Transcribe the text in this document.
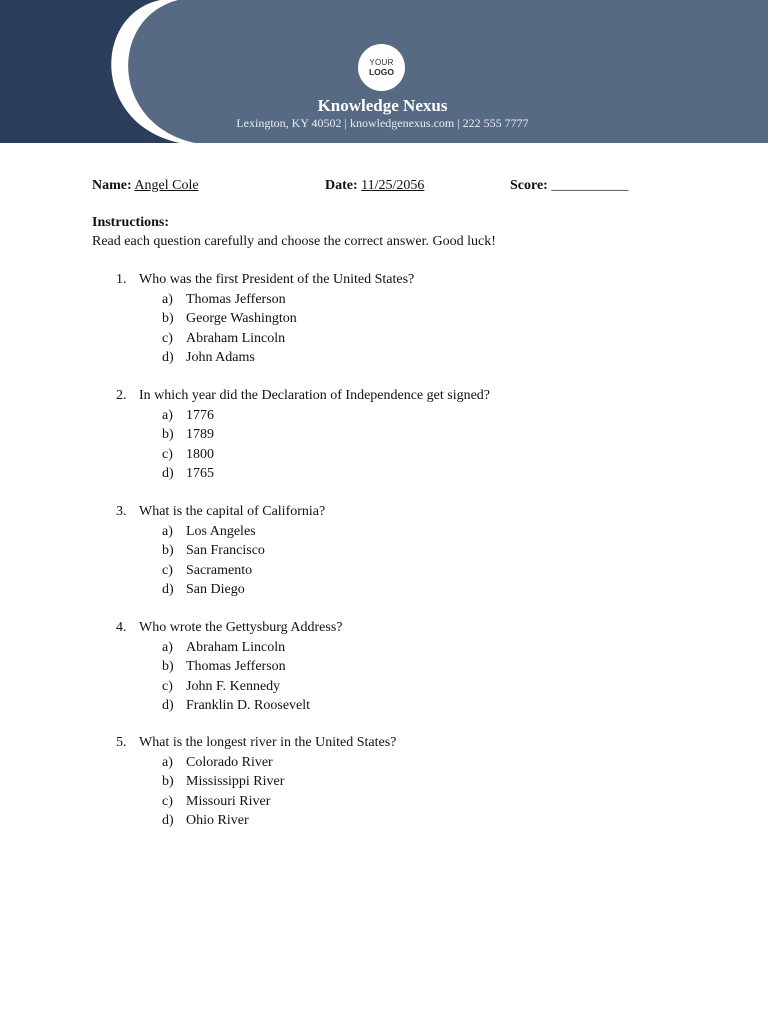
YOUR
LOGO
Knowledge Nexus
Lexington, KY 40502 | knowledgenexus.com | 222 555 7777
Name: Angel Cole	Date: 11/25/2056	Score: ___________
Instructions:
Read each question carefully and choose the correct answer. Good luck!
1. Who was the first President of the United States?
a) Thomas Jefferson
b) George Washington
c) Abraham Lincoln
d) John Adams
2. In which year did the Declaration of Independence get signed?
a) 1776
b) 1789
c) 1800
d) 1765
3. What is the capital of California?
a) Los Angeles
b) San Francisco
c) Sacramento
d) San Diego
4. Who wrote the Gettysburg Address?
a) Abraham Lincoln
b) Thomas Jefferson
c) John F. Kennedy
d) Franklin D. Roosevelt
5. What is the longest river in the United States?
a) Colorado River
b) Mississippi River
c) Missouri River
d) Ohio River
